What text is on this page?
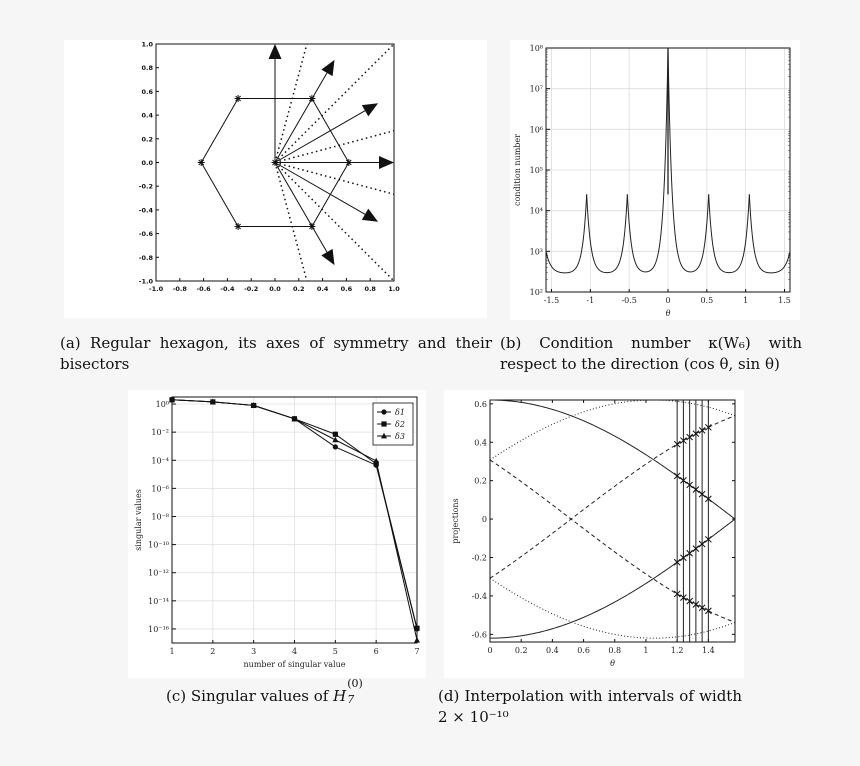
-1.0
-1.0
-0.8
-0.8
-0.6
-0.6
-0.4
-0.4
-0.2
-0.2
0.0
0.0
0.2
0.2
0.4
0.4
0.6
0.6
0.8
0.8
1.0
1.0
-1.5	-1	-0.5	0	0.5	1	1.5
10²
10³
10⁴
10⁵
10⁶
10⁷
10⁸
θ
condition number
10⁰
10⁻²
10⁻⁴
10⁻⁶
10⁻⁸
10⁻¹⁰
10⁻¹²
10⁻¹⁴
10⁻¹⁶
1	2	3	4	5	6	7
number of singular value
singular values
δ1
δ2
δ3
0	0.2 0.4 0.6 0.8	1	1.2 1.4
-0.6
-0.4
-0.2
0
0.2
0.4
0.6
θ
projections
(a) Regular hexagon, its axes of symmetry and their bisectors
(b) Condition number κ(W₆) with respect to the direction (cos θ, sin θ)
(c) Singular values of H
(0)
7	(d) Interpolation with intervals of width 2 × 10⁻¹⁰
